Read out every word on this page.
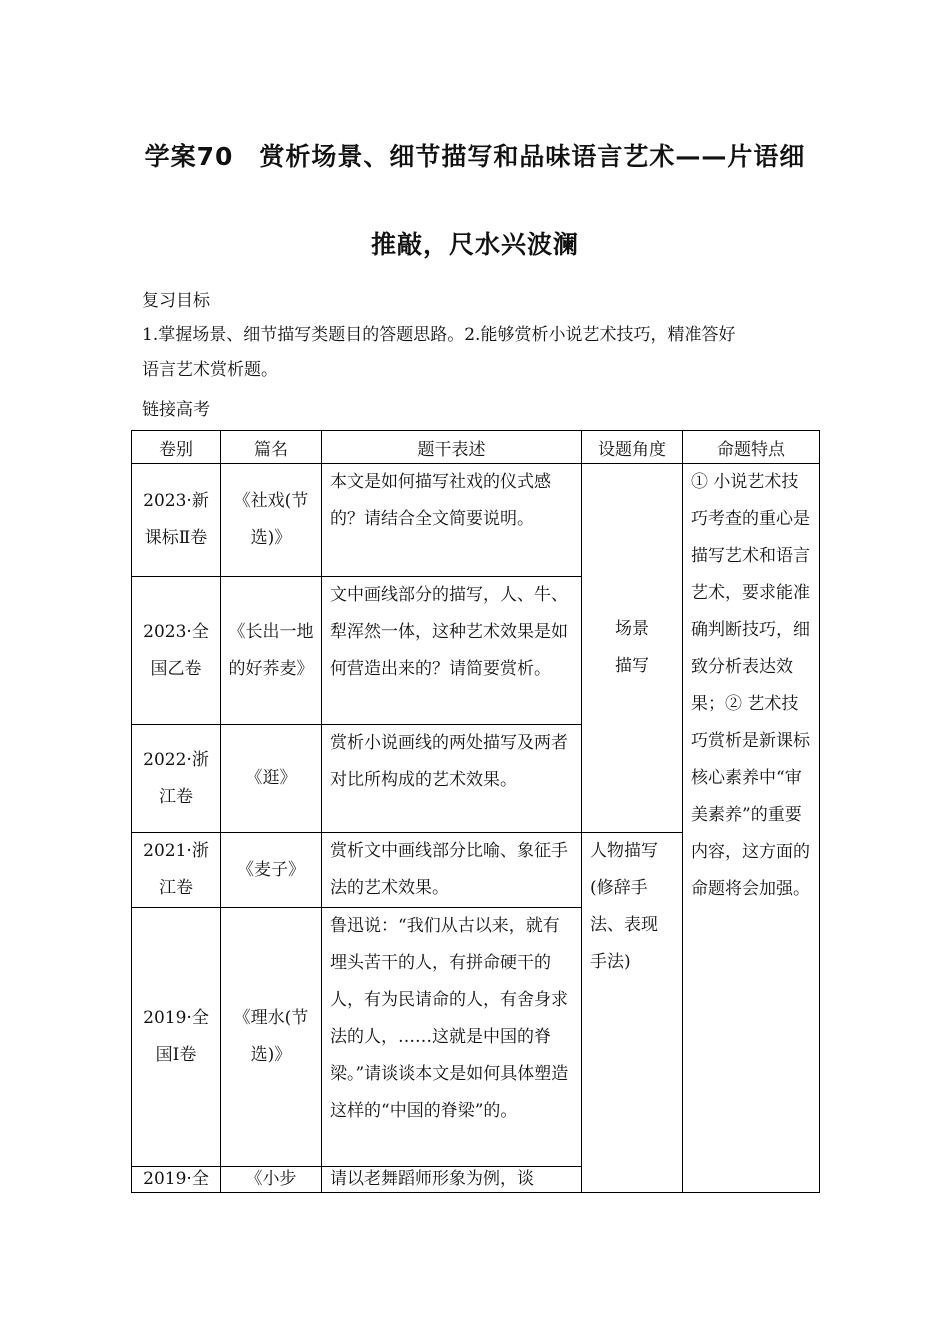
学案70　赏析场景、细节描写和品味语言艺术——片语细
推敲，尺水兴波澜
复习目标
1.掌握场景、细节描写类题目的答题思路。2.能够赏析小说艺术技巧，精准答好
语言艺术赏析题。
链接高考
卷别	篇名	题干表述	设题角度	命题特点
2023·新课标Ⅱ卷	《社戏(节选)》	本文是如何描写社戏的仪式感的？请结合全文简要说明。	场景描写	① 小说艺术技巧考查的重心是描写艺术和语言艺术，要求能准确判断技巧，细致分析表达效果；② 艺术技巧赏析是新课标核心素养中“审美素养”的重要内容，这方面的命题将会加强。
2023·全国乙卷	《长出一地的好荞麦》	文中画线部分的描写，人、牛、犁浑然一体，这种艺术效果是如何营造出来的？请简要赏析。		
2022·浙江卷	《逛》	赏析小说画线的两处描写及两者对比所构成的艺术效果。		
2021·浙江卷	《麦子》	赏析文中画线部分比喻、象征手法的艺术效果。	人物描写(修辞手法、表现手法)	
2019·全国Ⅰ卷	《理水(节选)》	鲁迅说：“我们从古以来，就有埋头苦干的人，有拼命硬干的人，有为民请命的人，有舍身求法的人，……这就是中国的脊梁。”请谈谈本文是如何具体塑造这样的“中国的脊梁”的。		
2019·全	《小步	请以老舞蹈师形象为例，谈		
